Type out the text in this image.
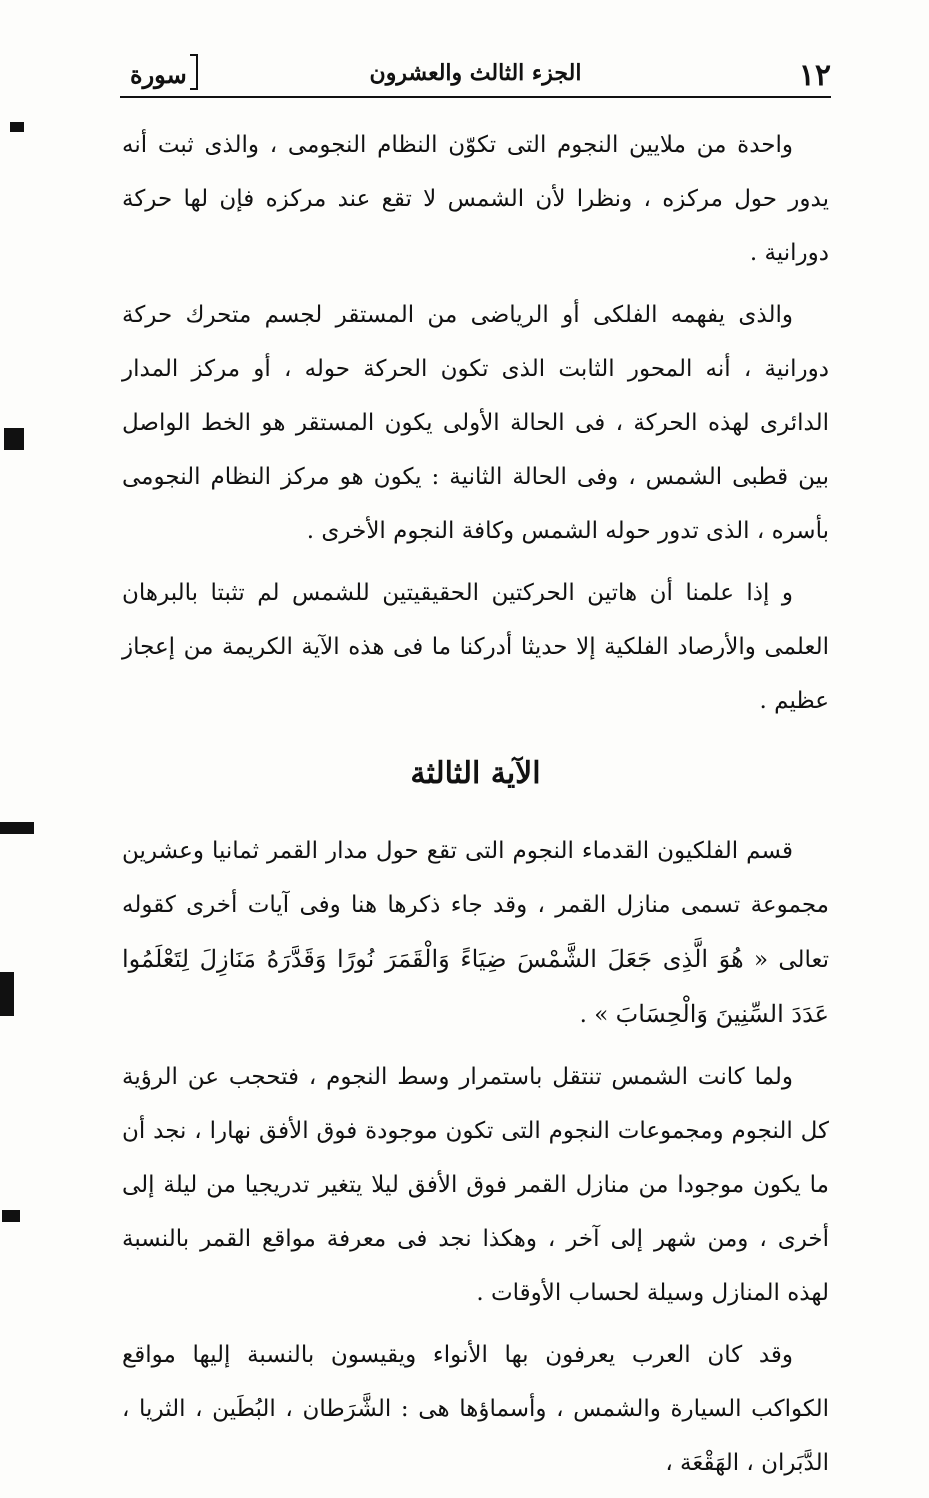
١٢
الجزء الثالث والعشرون
سورة

واحدة من ملايين النجوم التى تكوّن النظام النجومى ، والذى ثبت أنه يدور حول مركزه ، ونظرا لأن الشمس لا تقع عند مركزه فإن لها حركة دورانية .

والذى يفهمه الفلكى أو الرياضى من المستقر لجسم متحرك حركة دورانية ، أنه المحور الثابت الذى تكون الحركة حوله ، أو مركز المدار الدائرى لهذه الحركة ، فى الحالة الأولى يكون المستقر هو الخط الواصل بين قطبى الشمس ، وفى الحالة الثانية : يكون هو مركز النظام النجومى بأسره ، الذى تدور حوله الشمس وكافة النجوم الأخرى .

و إذا علمنا أن هاتين الحركتين الحقيقيتين للشمس لم تثبتا بالبرهان العلمى والأرصاد الفلكية إلا حديثا أدركنا ما فى هذه الآية الكريمة من إعجاز عظيم .

الآية الثالثة

قسم الفلكيون القدماء النجوم التى تقع حول مدار القمر ثمانيا وعشرين مجموعة تسمى منازل القمر ، وقد جاء ذكرها هنا وفى آيات أخرى كقوله تعالى « هُوَ الَّذِى جَعَلَ الشَّمْسَ ضِيَاءً وَالْقَمَرَ نُورًا وَقَدَّرَهُ مَنَازِلَ لِتَعْلَمُوا عَدَدَ السِّنِينَ وَالْحِسَابَ » .

ولما كانت الشمس تنتقل باستمرار وسط النجوم ، فتحجب عن الرؤية كل النجوم ومجموعات النجوم التى تكون موجودة فوق الأفق نهارا ، نجد أن ما يكون موجودا من منازل القمر فوق الأفق ليلا يتغير تدريجيا من ليلة إلى أخرى ، ومن شهر إلى آخر ، وهكذا نجد فى معرفة مواقع القمر بالنسبة لهذه المنازل وسيلة لحساب الأوقات .

وقد كان العرب يعرفون بها الأنواء ويقيسون بالنسبة إليها مواقع الكواكب السيارة والشمس ، وأسماؤها هى : الشَّرَطان ، البُطَين ، الثريا ، الدَّبَران ، الهَقْعَة ،
